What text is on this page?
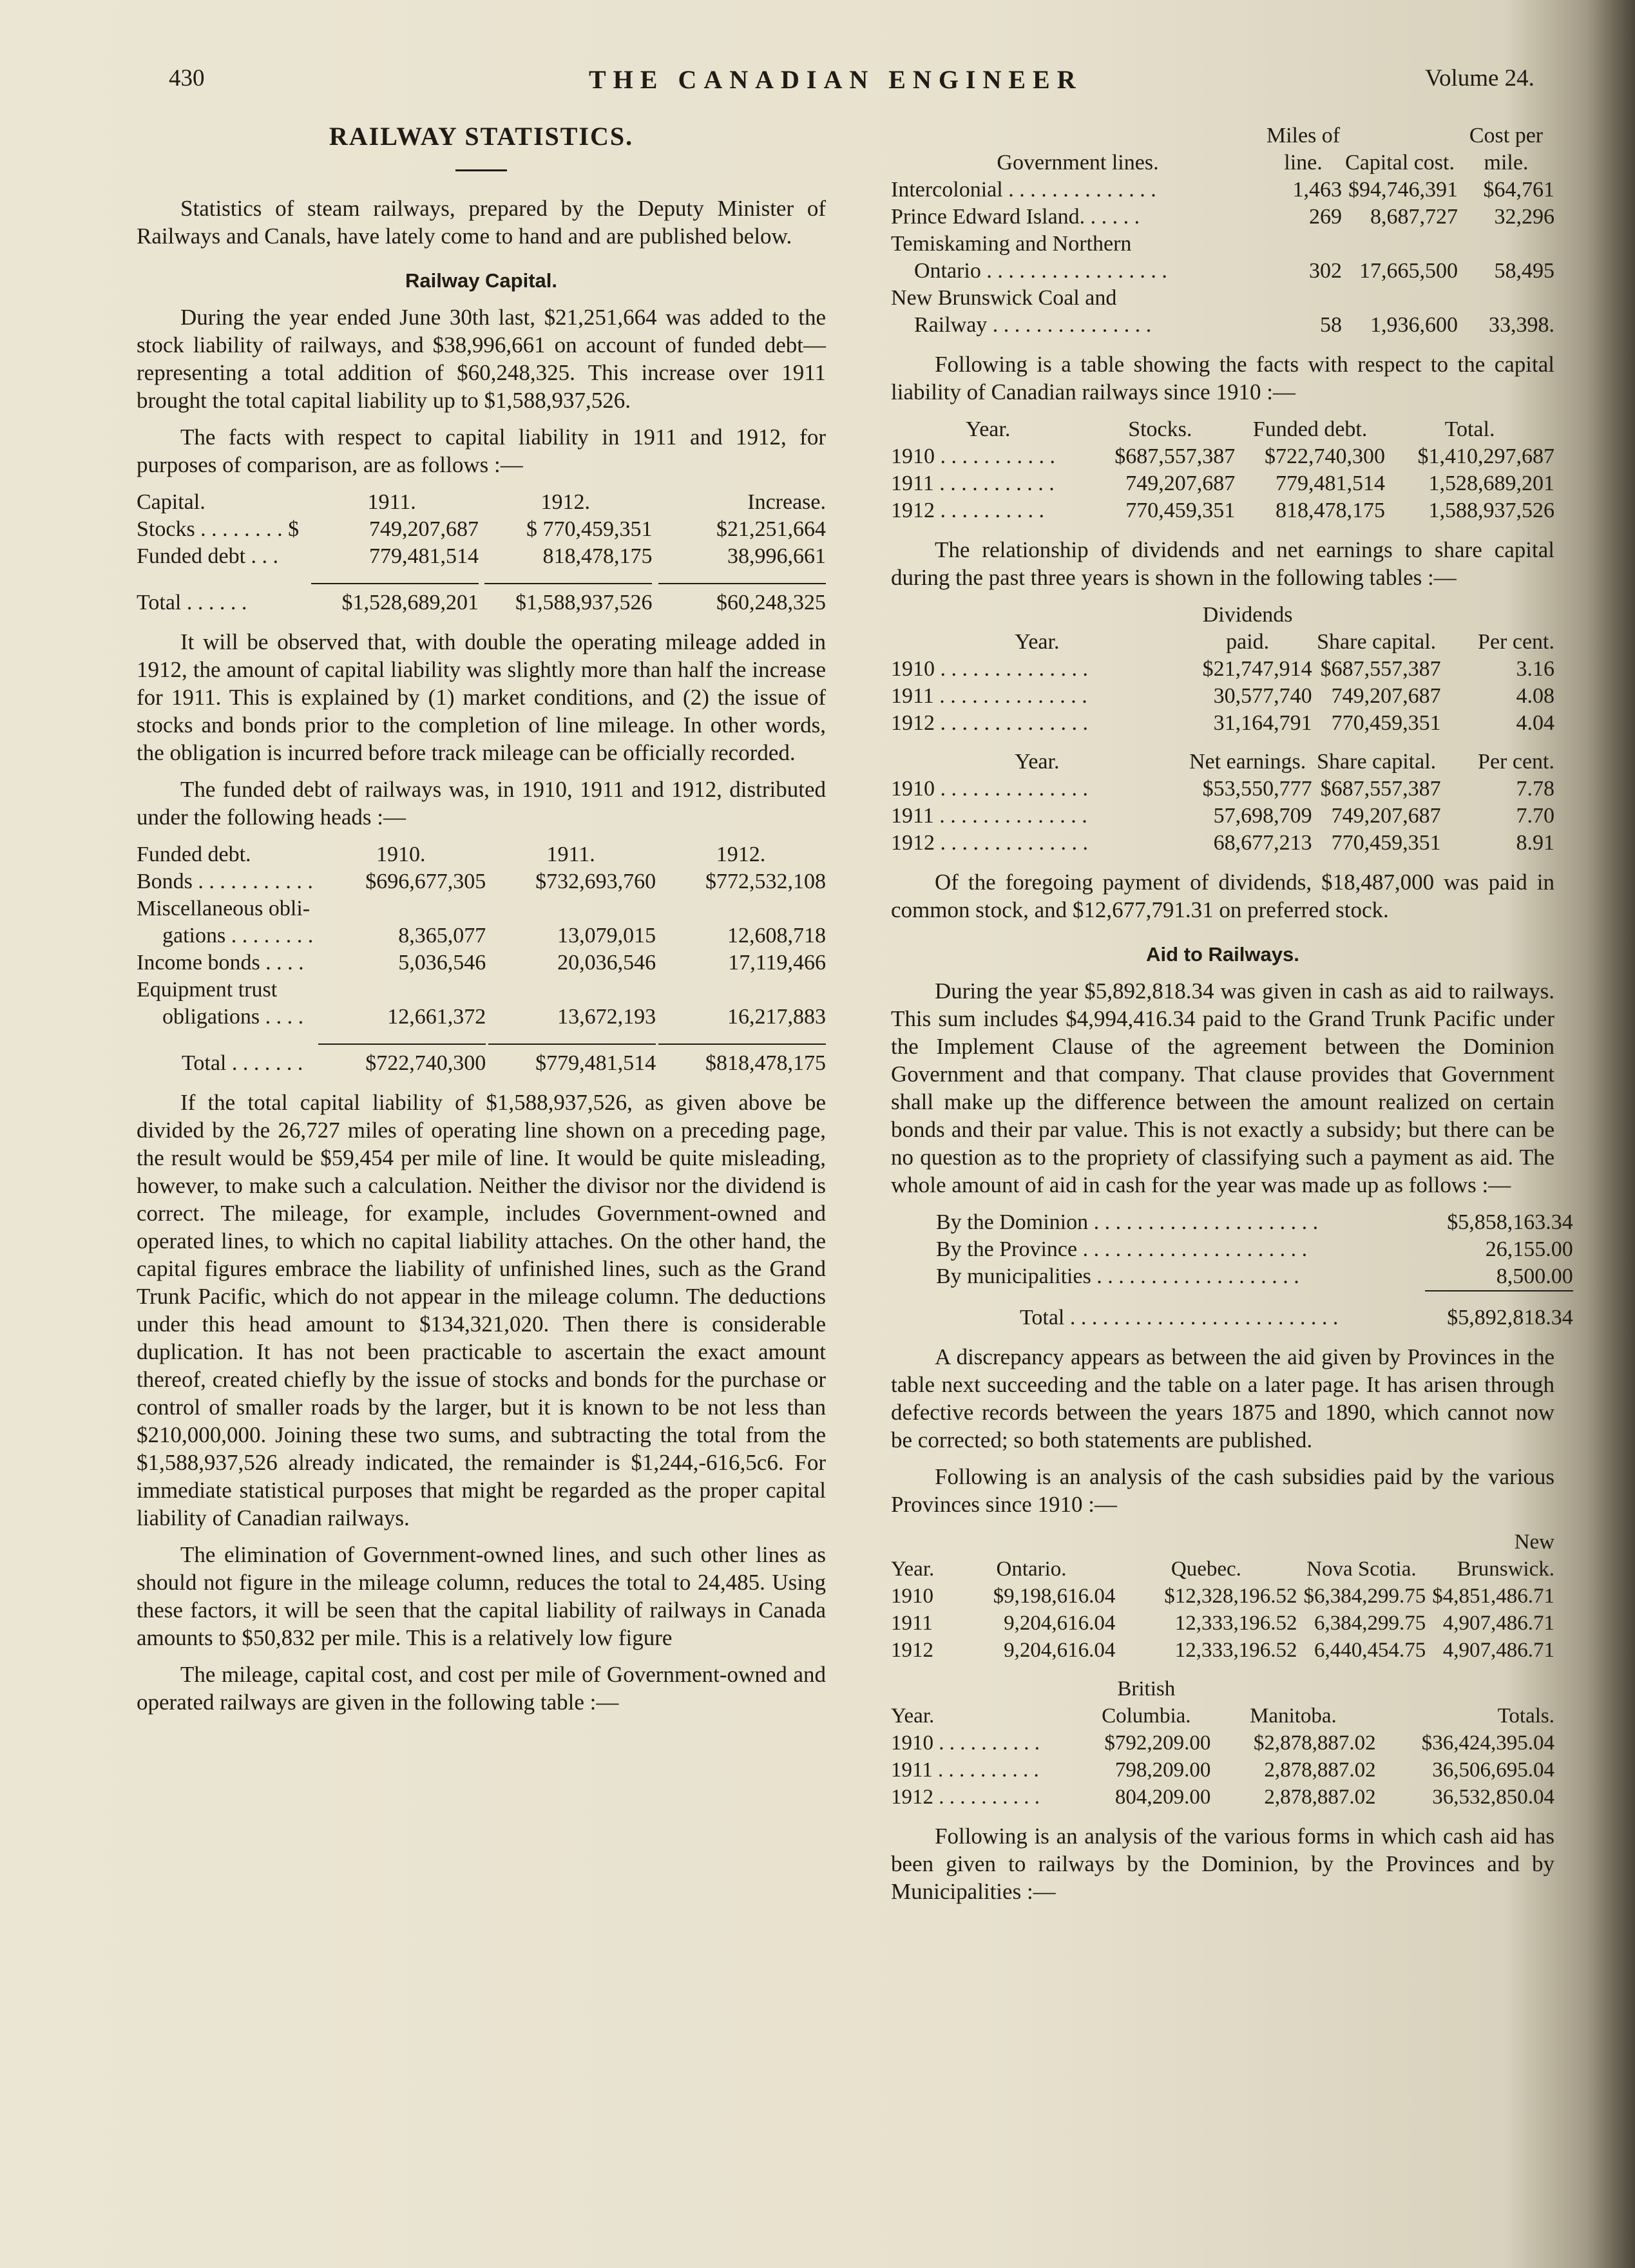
430	THE CANADIAN ENGINEER	Volume 24.
RAILWAY STATISTICS.

Statistics of steam railways, prepared by the Deputy Minister of Railways and Canals, have lately come to hand and are published below.

Railway Capital.

During the year ended June 30th last, $21,251,664 was added to the stock liability of railways, and $38,996,661 on account of funded debt—representing a total addition of $60,248,325. This increase over 1911 brought the total capital liability up to $1,588,937,526.

The facts with respect to capital liability in 1911 and 1912, for purposes of comparison, are as follows :—

Capital.	1911.	1912.	Increase.
Stocks . . . . . . . . $	749,207,687	$ 770,459,351	$21,251,664
Funded debt . . .	779,481,514	818,478,175	38,996,661
Total . . . . . .	$1,528,689,201	$1,588,937,526	$60,248,325

It will be observed that, with double the operating mileage added in 1912, the amount of capital liability was slightly more than half the increase for 1911. This is explained by (1) market conditions, and (2) the issue of stocks and bonds prior to the completion of line mileage. In other words, the obligation is incurred before track mileage can be officially recorded.

The funded debt of railways was, in 1910, 1911 and 1912, distributed under the following heads :—

Funded debt.	1910.	1911.	1912.
Bonds . . . . . . . . . . .	$696,677,305	$732,693,760	$772,532,108
Miscellaneous obli-			
gations . . . . . . . .	8,365,077	13,079,015	12,608,718
Income bonds . . . .	5,036,546	20,036,546	17,119,466
Equipment trust			
obligations . . . .	12,661,372	13,672,193	16,217,883
Total . . . . . . .	$722,740,300	$779,481,514	$818,478,175

If the total capital liability of $1,588,937,526, as given above be divided by the 26,727 miles of operating line shown on a preceding page, the result would be $59,454 per mile of line. It would be quite misleading, however, to make such a calculation. Neither the divisor nor the dividend is correct. The mileage, for example, includes Government-owned and operated lines, to which no capital liability attaches. On the other hand, the capital figures embrace the liability of unfinished lines, such as the Grand Trunk Pacific, which do not appear in the mileage column. The deductions under this head amount to $134,321,020. Then there is considerable duplication. It has not been practicable to ascertain the exact amount thereof, created chiefly by the issue of stocks and bonds for the purchase or control of smaller roads by the larger, but it is known to be not less than $210,000,000. Joining these two sums, and subtracting the total from the $1,588,937,526 already indicated, the remainder is $1,244,-616,5c6. For immediate statistical purposes that might be regarded as the proper capital liability of Canadian railways.

The elimination of Government-owned lines, and such other lines as should not figure in the mileage column, reduces the total to 24,485. Using these factors, it will be seen that the capital liability of railways in Canada amounts to $50,832 per mile. This is a relatively low figure

The mileage, capital cost, and cost per mile of Government-owned and operated railways are given in the following table :—

Government lines.	Miles of line.	Capital cost.	Cost per mile.
Intercolonial . . . . . . . . . . . . . .	1,463	$94,746,391	$64,761
Prince Edward Island. . . . . .	269	8,687,727	32,296
Temiskaming and Northern			
Ontario . . . . . . . . . . . . . . . . .	302	17,665,500	58,495
New Brunswick Coal and			
Railway . . . . . . . . . . . . . . .	58	1,936,600	33,398.

Following is a table showing the facts with respect to the capital liability of Canadian railways since 1910 :—

Year.	Stocks.	Funded debt.	Total.
1910 . . . . . . . . . . .	$687,557,387	$722,740,300	$1,410,297,687
1911 . . . . . . . . . . .	749,207,687	779,481,514	1,528,689,201
1912 . . . . . . . . . .	770,459,351	818,478,175	1,588,937,526

The relationship of dividends and net earnings to share capital during the past three years is shown in the following tables :—

Year.	Dividends paid.	Share capital.	Per cent.
1910 . . . . . . . . . . . . . .	$21,747,914	$687,557,387	3.16
1911 . . . . . . . . . . . . . .	30,577,740	749,207,687	4.08
1912 . . . . . . . . . . . . . .	31,164,791	770,459,351	4.04
Year.	Net earnings.	Share capital.	Per cent.
1910 . . . . . . . . . . . . . .	$53,550,777	$687,557,387	7.78
1911 . . . . . . . . . . . . . .	57,698,709	749,207,687	7.70
1912 . . . . . . . . . . . . . .	68,677,213	770,459,351	8.91

Of the foregoing payment of dividends, $18,487,000 was paid in common stock, and $12,677,791.31 on preferred stock.

Aid to Railways.

During the year $5,892,818.34 was given in cash as aid to railways. This sum includes $4,994,416.34 paid to the Grand Trunk Pacific under the Implement Clause of the agreement between the Dominion Government and that company. That clause provides that Government shall make up the difference between the amount realized on certain bonds and their par value. This is not exactly a subsidy; but there can be no question as to the propriety of classifying such a payment as aid. The whole amount of aid in cash for the year was made up as follows :—

By the Dominion . . . . . . . . . . . . . . . . . . . . .	$5,858,163.34
By the Province . . . . . . . . . . . . . . . . . . . . .	26,155.00
By municipalities . . . . . . . . . . . . . . . . . . .	8,500.00

Total . . . . . . . . . . . . . . . . . . . . . . . . .	$5,892,818.34

A discrepancy appears as between the aid given by Provinces in the table next succeeding and the table on a later page. It has arisen through defective records between the years 1875 and 1890, which cannot now be corrected; so both statements are published.

Following is an analysis of the cash subsidies paid by the various Provinces since 1910 :—

Year.	Ontario.	Quebec.	Nova Scotia.	New Brunswick.
1910	$9,198,616.04	$12,328,196.52	$6,384,299.75	$4,851,486.71
1911	9,204,616.04	12,333,196.52	6,384,299.75	4,907,486.71
1912	9,204,616.04	12,333,196.52	6,440,454.75	4,907,486.71
Year.	British Columbia.	Manitoba.	Totals.
1910 . . . . . . . . . .	$792,209.00	$2,878,887.02	$36,424,395.04
1911 . . . . . . . . . .	798,209.00	2,878,887.02	36,506,695.04
1912 . . . . . . . . . .	804,209.00	2,878,887.02	36,532,850.04

Following is an analysis of the various forms in which cash aid has been given to railways by the Dominion, by the Provinces and by Municipalities :—
